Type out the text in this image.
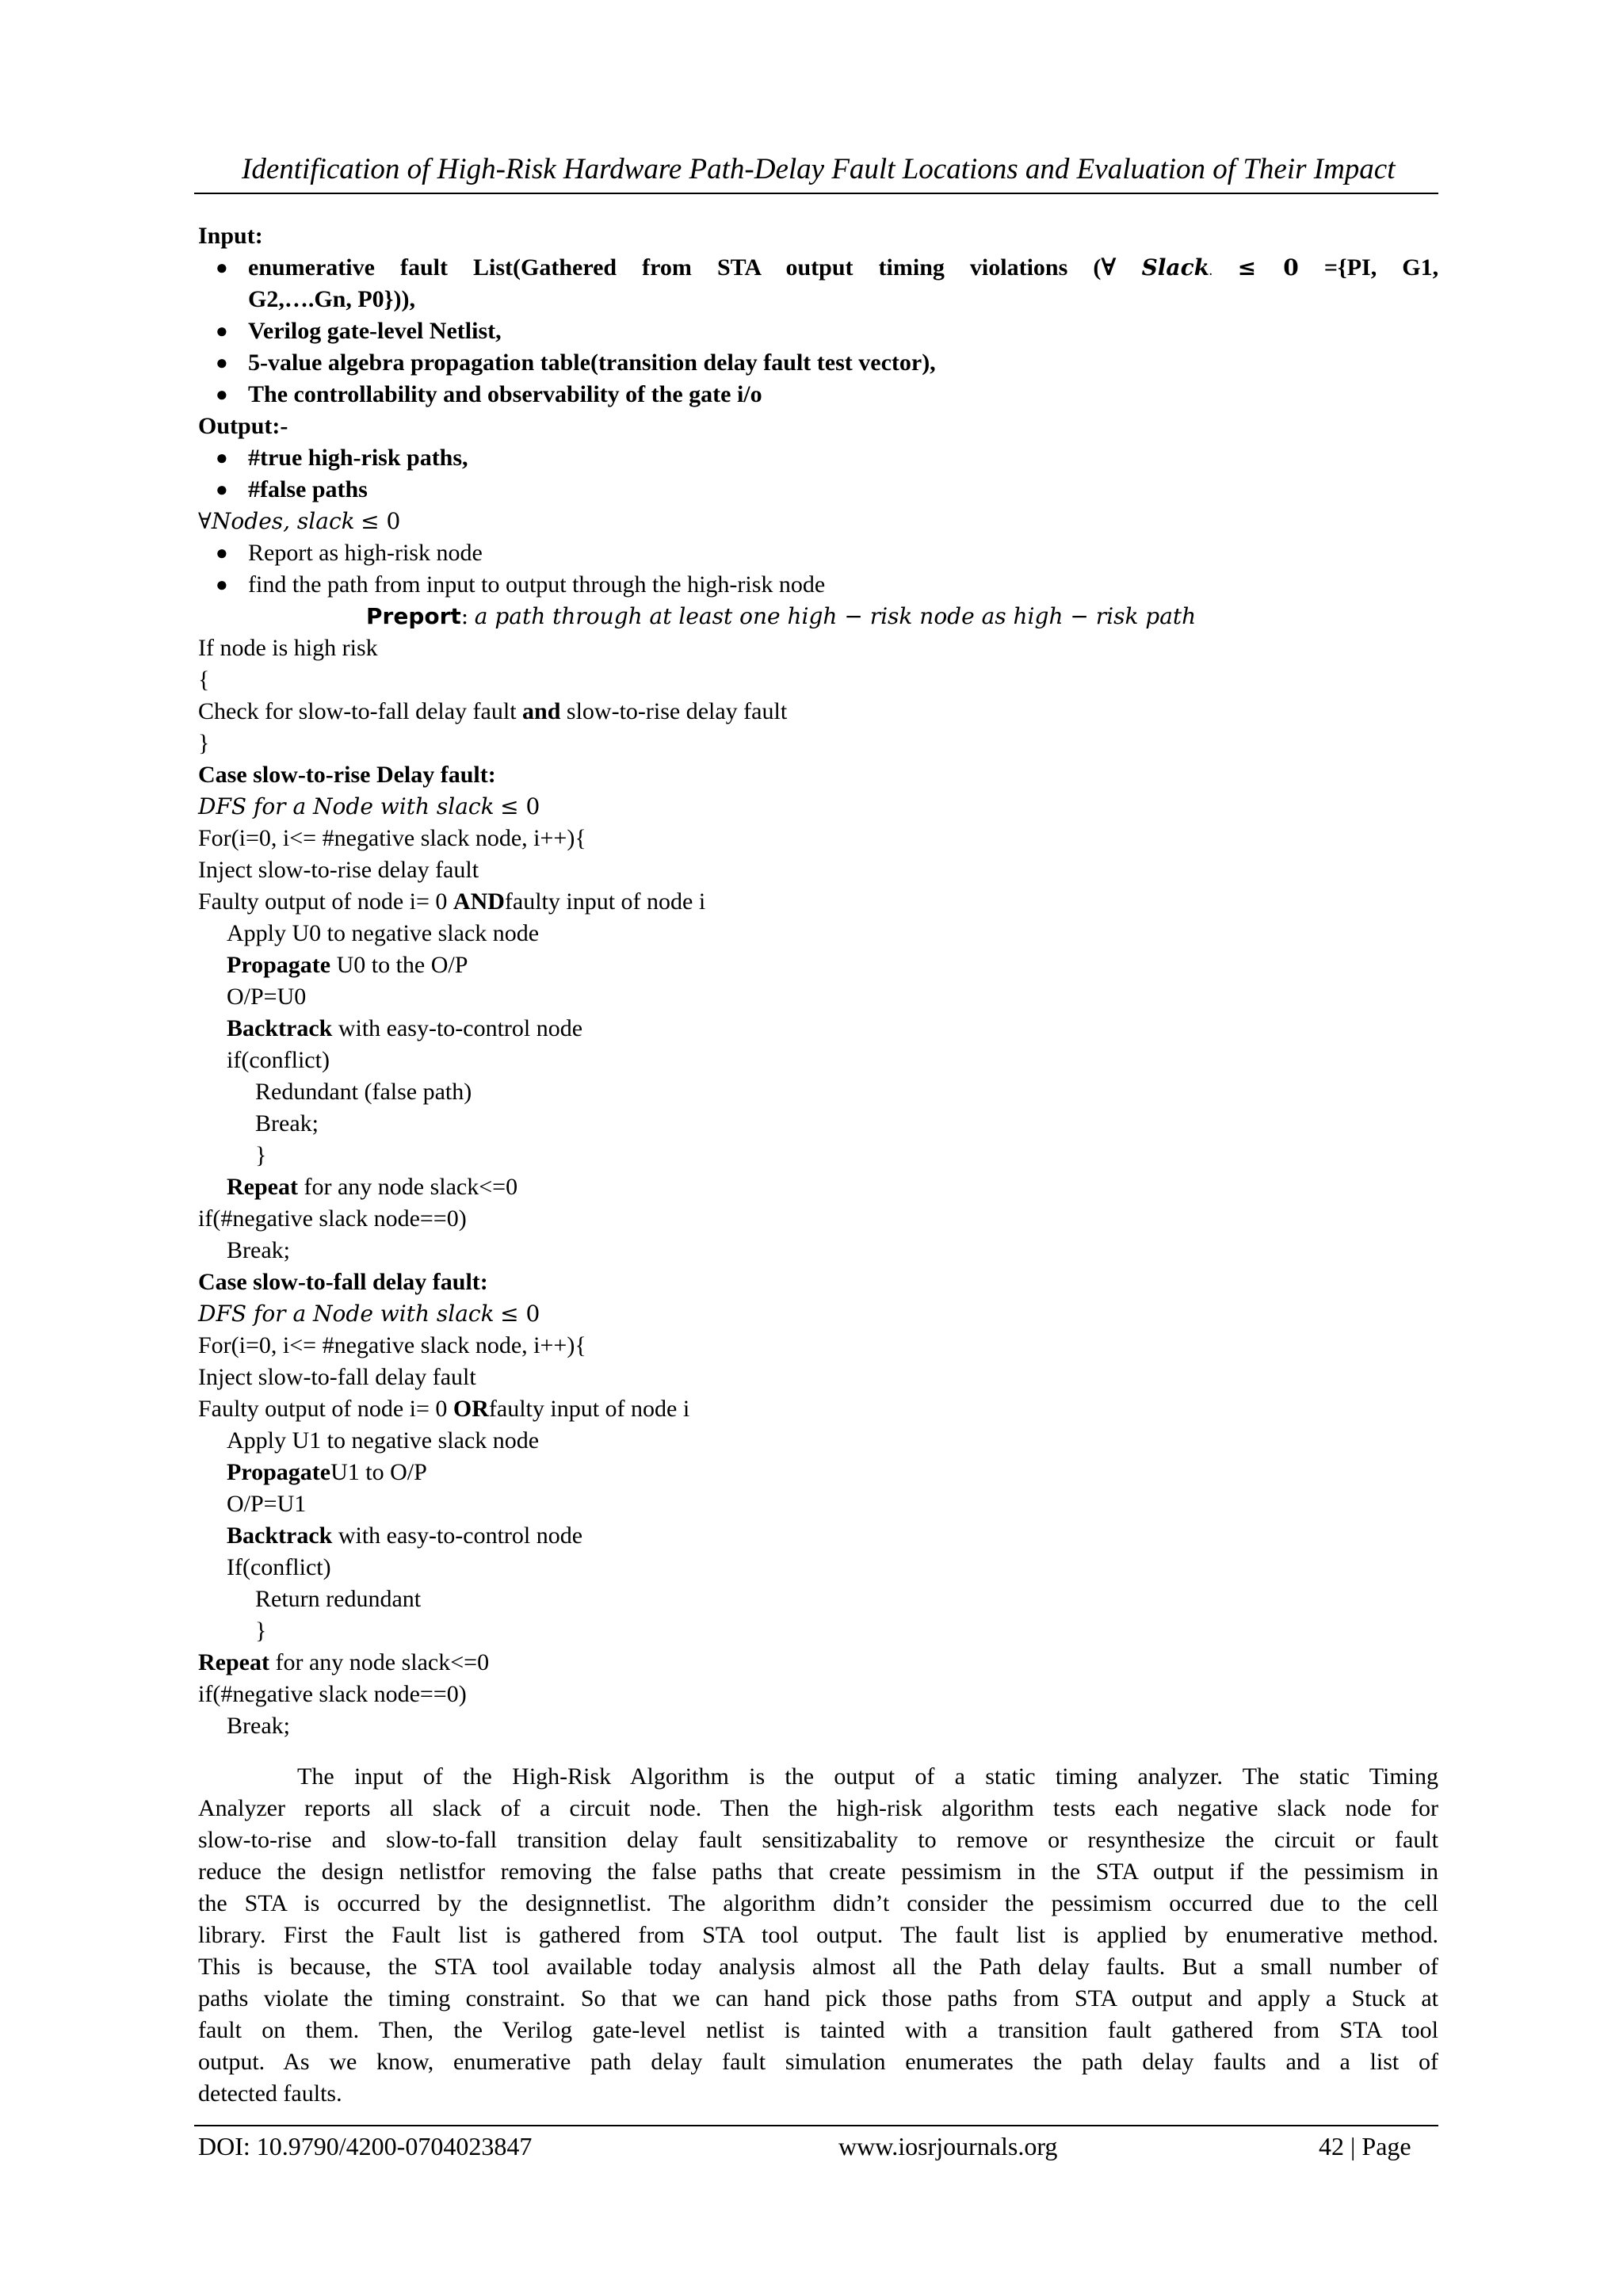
Identification of High-Risk Hardware Path-Delay Fault Locations and Evaluation of Their Impact
Input:
● enumerative fault List(Gathered from STA output timing violations (∀ Slack. ≤ 0 ={PI, G1,
G2,….Gn, P0})),
● Verilog gate-level Netlist,
● 5-value algebra propagation table(transition delay fault test vector),
● The controllability and observability of the gate i/o
Output:-
● #true high-risk paths,
● #false paths
∀Nodes, slack ≤ 0
● Report as high-risk node
● find the path from input to output through the high-risk node
Preport: a path through at least one high − risk node as high − risk path
If node is high risk
{
Check for slow-to-fall delay fault and slow-to-rise delay fault
}
Case slow-to-rise Delay fault:
DFS for a Node with slack ≤ 0
For(i=0, i<= #negative slack node, i++){
Inject slow-to-rise delay fault
Faulty output of node i= 0 ANDfaulty input of node i
Apply U0 to negative slack node
Propagate U0 to the O/P
O/P=U0
Backtrack with easy-to-control node
if(conflict)
Redundant (false path)
Break;
}
Repeat for any node slack<=0
if(#negative slack node==0)
Break;
Case slow-to-fall delay fault:
DFS for a Node with slack ≤ 0
For(i=0, i<= #negative slack node, i++){
Inject slow-to-fall delay fault
Faulty output of node i= 0 ORfaulty input of node i
Apply U1 to negative slack node
PropagateU1 to O/P
O/P=U1
Backtrack with easy-to-control node
If(conflict)
Return redundant
}
Repeat for any node slack<=0
if(#negative slack node==0)
Break;
The input of the High-Risk Algorithm is the output of a static timing analyzer. The static Timing
Analyzer reports all slack of a circuit node. Then the high-risk algorithm tests each negative slack node for
slow-to-rise and slow-to-fall transition delay fault sensitizabality to remove or resynthesize the circuit or fault
reduce the design netlistfor removing the false paths that create pessimism in the STA output if the pessimism in
the STA is occurred by the designnetlist. The algorithm didn’t consider the pessimism occurred due to the cell
library. First the Fault list is gathered from STA tool output. The fault list is applied by enumerative method.
This is because, the STA tool available today analysis almost all the Path delay faults. But a small number of
paths violate the timing constraint. So that we can hand pick those paths from STA output and apply a Stuck at
fault on them. Then, the Verilog gate-level netlist is tainted with a transition fault gathered from STA tool
output. As we know, enumerative path delay fault simulation enumerates the path delay faults and a list of
detected faults.
DOI: 10.9790/4200-0704023847	www.iosrjournals.org	42 | Page
